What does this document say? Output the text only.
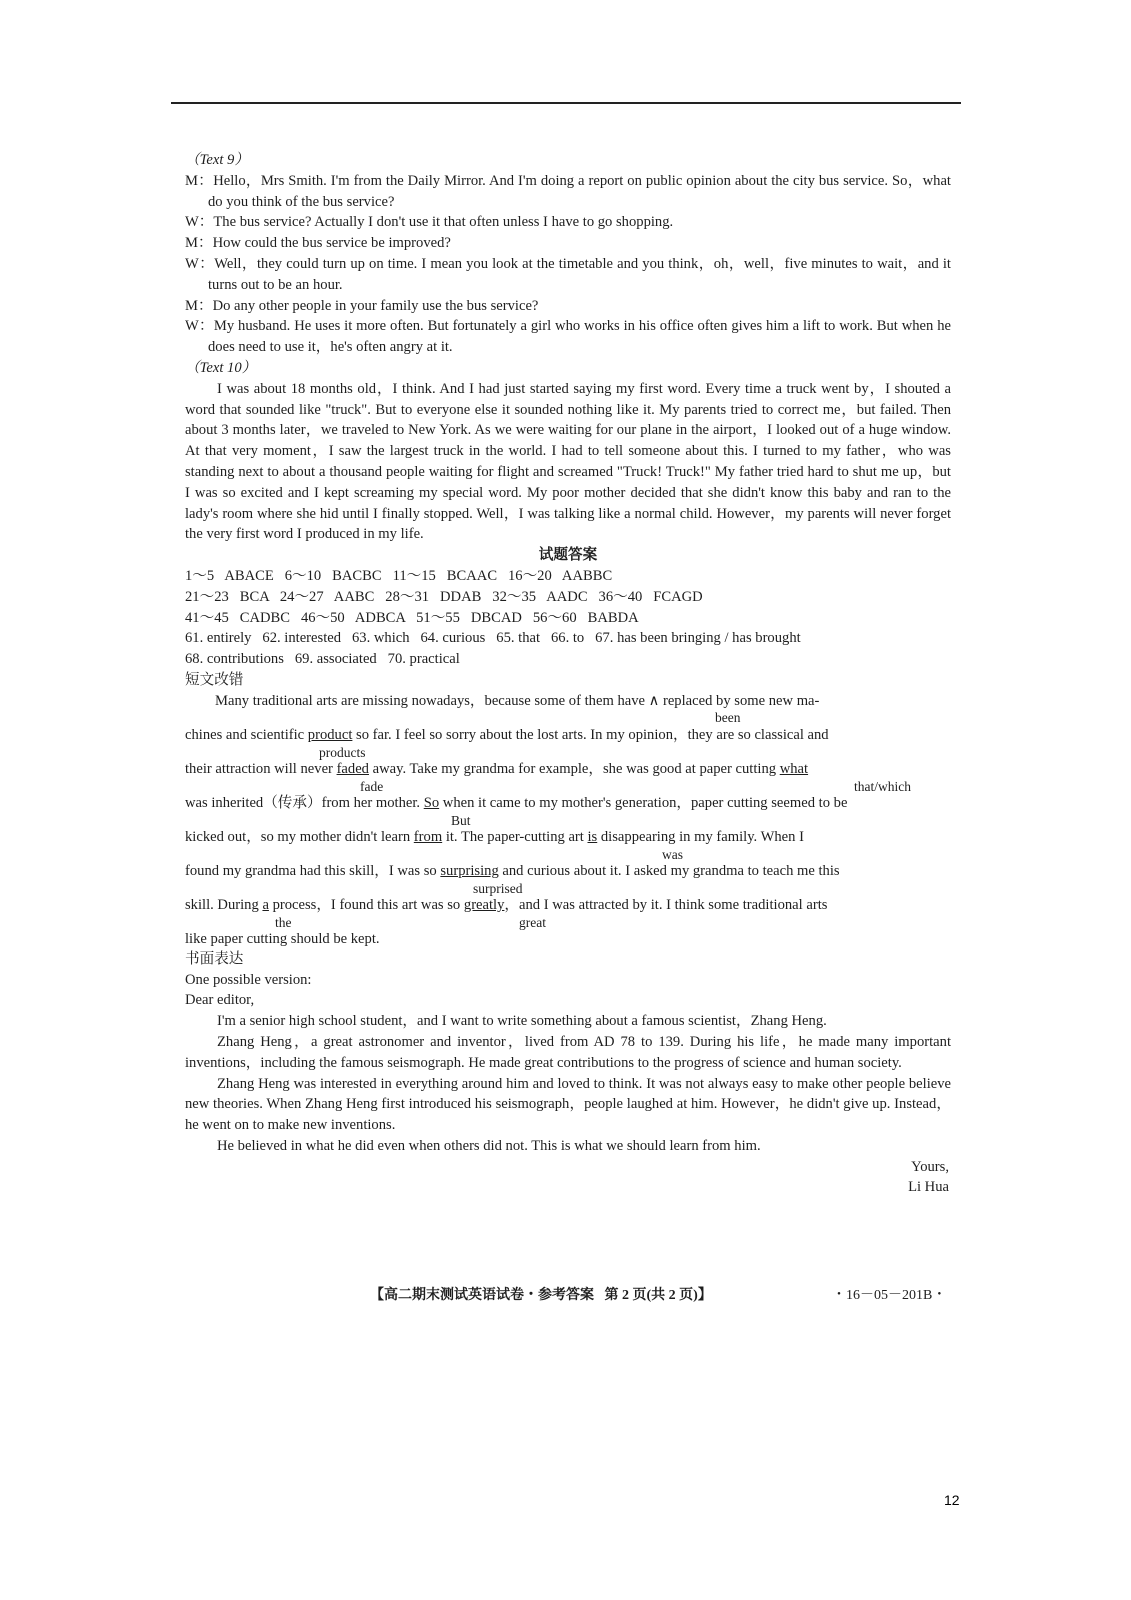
（Text 9）
M：Hello，Mrs Smith. I'm from the Daily Mirror. And I'm doing a report on public opinion about the city bus service. So，what do you think of the bus service?
W：The bus service? Actually I don't use it that often unless I have to go shopping.
M：How could the bus service be improved?
W：Well，they could turn up on time. I mean you look at the timetable and you think，oh，well，five minutes to wait，and it turns out to be an hour.
M：Do any other people in your family use the bus service?
W：My husband. He uses it more often. But fortunately a girl who works in his office often gives him a lift to work. But when he does need to use it，he's often angry at it.
（Text 10）
I was about 18 months old，I think. And I had just started saying my first word. Every time a truck went by，I shouted a word that sounded like "truck". But to everyone else it sounded nothing like it. My parents tried to correct me，but failed. Then about 3 months later，we traveled to New York. As we were waiting for our plane in the airport，I looked out of a huge window. At that very moment，I saw the largest truck in the world. I had to tell someone about this. I turned to my father，who was standing next to about a thousand people waiting for flight and screamed "Truck! Truck!" My father tried hard to shut me up，but I was so excited and I kept screaming my special word. My poor mother decided that she didn't know this baby and ran to the lady's room where she hid until I finally stopped. Well，I was talking like a normal child. However，my parents will never forget the very first word I produced in my life.
试题答案
1～5   ABACE   6～10   BACBC   11～15   BCAAC   16～20   AABBC
21～23   BCA   24～27   AABC   28～31   DDAB   32～35   AADC   36～40   FCAGD
41～45   CADBC   46～50   ADBCA   51～55   DBCAD   56～60   BABDA
61. entirely   62. interested   63. which   64. curious   65. that   66. to   67. has been bringing / has brought
68. contributions   69. associated   70. practical
短文改错
Many traditional arts are missing nowadays，because some of them have ∧ replaced by some new ma-
been
chines and scientific product so far. I feel so sorry about the lost arts. In my opinion，they are so classical and
products
their attraction will never faded away. Take my grandma for example，she was good at paper cutting what
fade	that/which
was inherited（传承）from her mother. So when it came to my mother's generation，paper cutting seemed to be
But
kicked out，so my mother didn't learn from it. The paper-cutting art is disappearing in my family. When I
was
found my grandma had this skill，I was so surprising and curious about it. I asked my grandma to teach me this
surprised
skill. During a process，I found this art was so greatly，and I was attracted by it. I think some traditional arts
the	great
like paper cutting should be kept.
书面表达
One possible version:
Dear editor,
I'm a senior high school student，and I want to write something about a famous scientist，Zhang Heng.
Zhang Heng，a great astronomer and inventor，lived from AD 78 to 139. During his life，he made many important inventions，including the famous seismograph. He made great contributions to the progress of science and human society.
Zhang Heng was interested in everything around him and loved to think. It was not always easy to make other people believe new theories. When Zhang Heng first introduced his seismograph，people laughed at him. However，he didn't give up. Instead，he went on to make new inventions.
He believed in what he did even when others did not. This is what we should learn from him.
Yours,
Li Hua
【高二期末测试英语试卷・参考答案   第 2 页(共 2 页)】	・16－05－201B・
12
